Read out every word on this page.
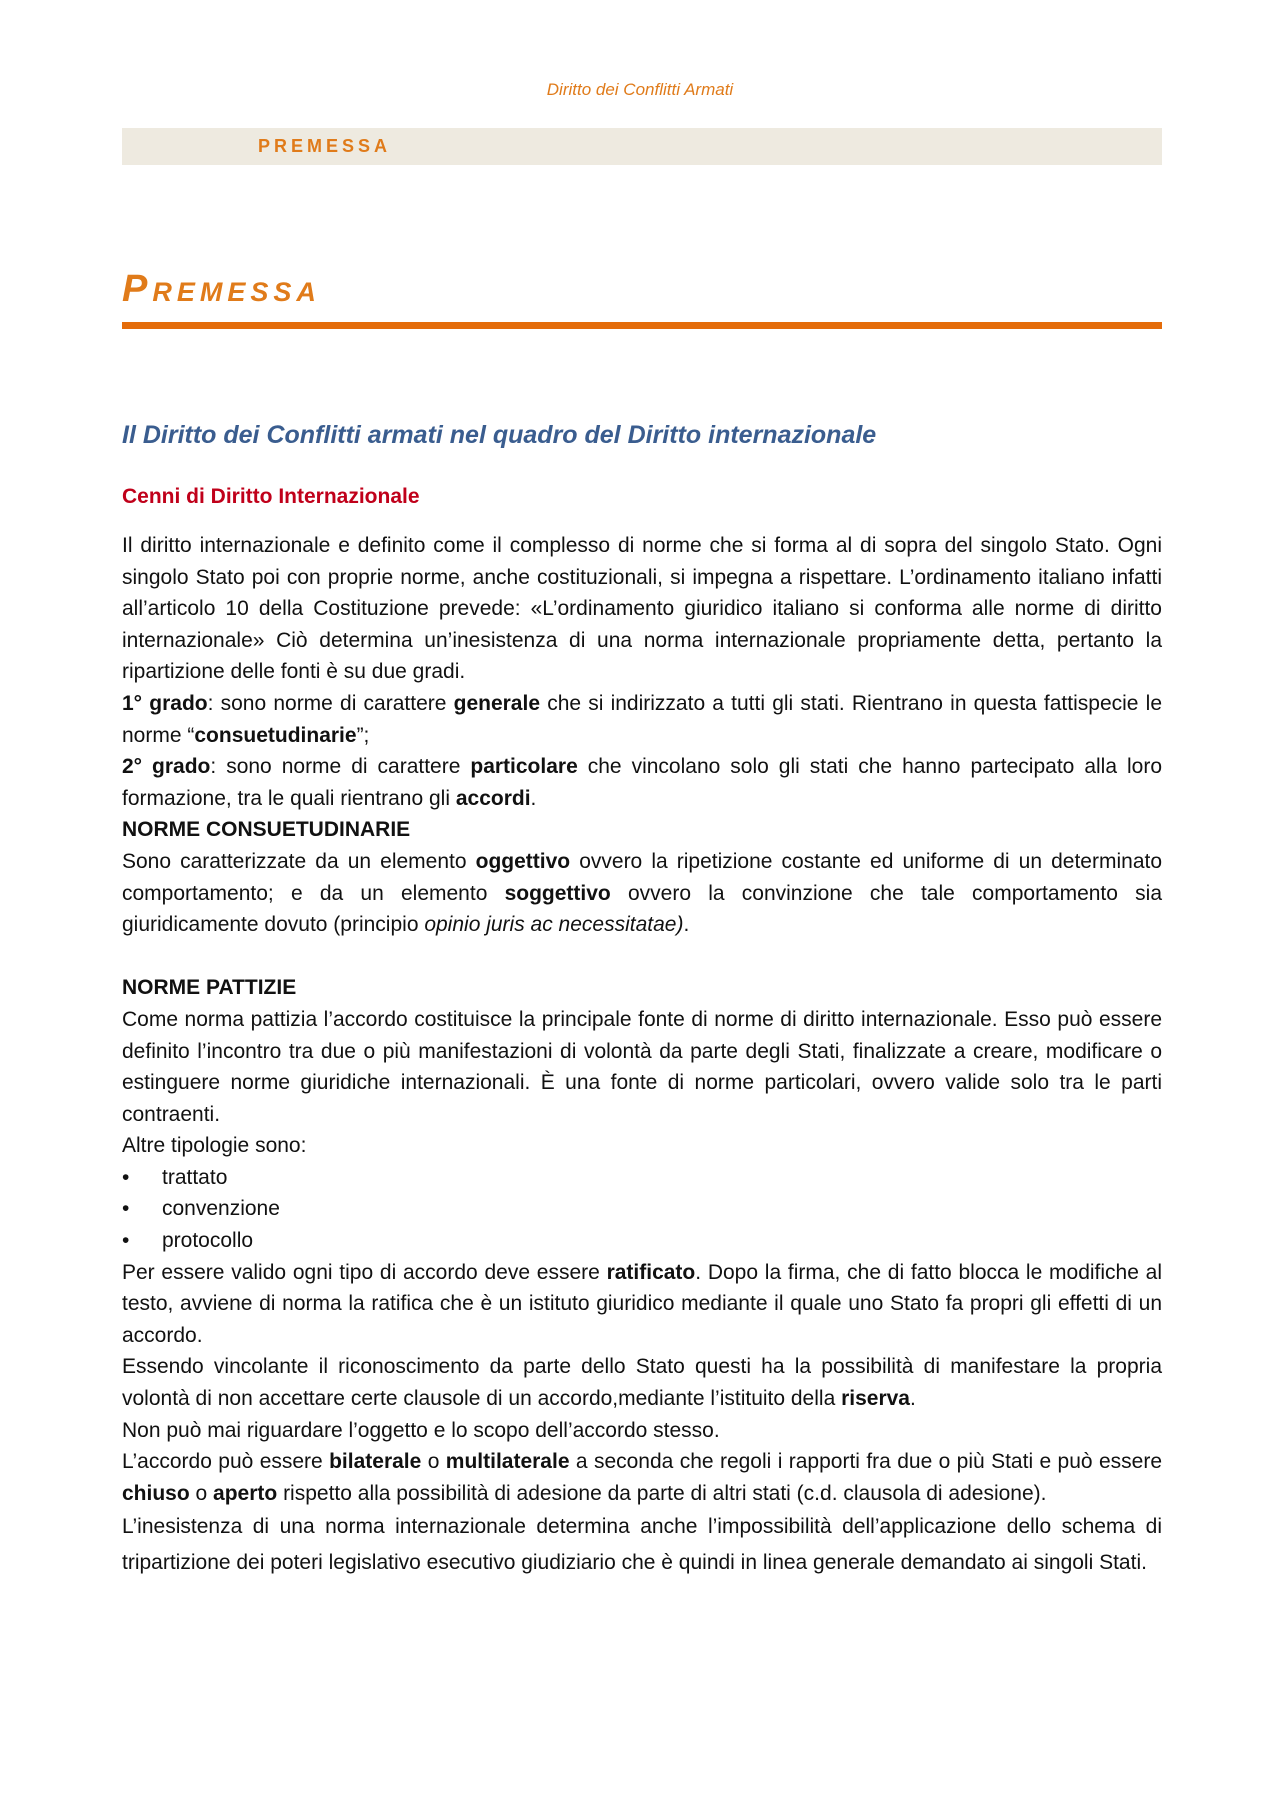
Diritto dei Conflitti Armati
PREMESSA
Premessa
Il Diritto dei Conflitti armati nel quadro del Diritto internazionale
Cenni di Diritto Internazionale

Il diritto internazionale e definito come il complesso di norme che si forma al di sopra del singolo Stato. Ogni singolo Stato poi con proprie norme, anche costituzionali, si impegna a rispettare. L’ordinamento italiano infatti all’articolo 10 della Costituzione prevede: «L’ordinamento giuridico italiano si conforma alle norme di diritto internazionale» Ciò determina un’inesistenza di una norma internazionale propriamente detta, pertanto la ripartizione delle fonti è su due gradi.

1° grado: sono norme di carattere generale che si indirizzato a tutti gli stati. Rientrano in questa fattispecie le norme “consuetudinarie”;

2° grado: sono norme di carattere particolare che vincolano solo gli stati che hanno partecipato alla loro formazione, tra le quali rientrano gli accordi.

NORME CONSUETUDINARIE

Sono caratterizzate da un elemento oggettivo ovvero la ripetizione costante ed uniforme di un determinato comportamento; e da un elemento soggettivo ovvero la convinzione che tale comportamento sia giuridicamente dovuto (principio opinio juris ac necessitatae).

NORME PATTIZIE

Come norma pattizia l’accordo costituisce la principale fonte di norme di diritto internazionale. Esso può essere definito l’incontro tra due o più manifestazioni di volontà da parte degli Stati, finalizzate a creare, modificare o estinguere norme giuridiche internazionali. È una fonte di norme particolari, ovvero valide solo tra le parti contraenti.

Altre tipologie sono:

• trattato
• convenzione
• protocollo

Per essere valido ogni tipo di accordo deve essere ratificato. Dopo la firma, che di fatto blocca le modifiche al testo, avviene di norma la ratifica che è un istituto giuridico mediante il quale uno Stato fa propri gli effetti di un accordo.

Essendo vincolante il riconoscimento da parte dello Stato questi ha la possibilità di manifestare la propria volontà di non accettare certe clausole di un accordo,mediante l’istituito della riserva.

Non può mai riguardare l’oggetto e lo scopo dell’accordo stesso.

L’accordo può essere bilaterale o multilaterale a seconda che regoli i rapporti fra due o più Stati e può essere chiuso o aperto rispetto alla possibilità di adesione da parte di altri stati (c.d. clausola di adesione).

L’inesistenza di una norma internazionale determina anche l’impossibilità dell’applicazione dello schema di tripartizione dei poteri legislativo esecutivo giudiziario che è quindi in linea generale demandato ai singoli Stati.
